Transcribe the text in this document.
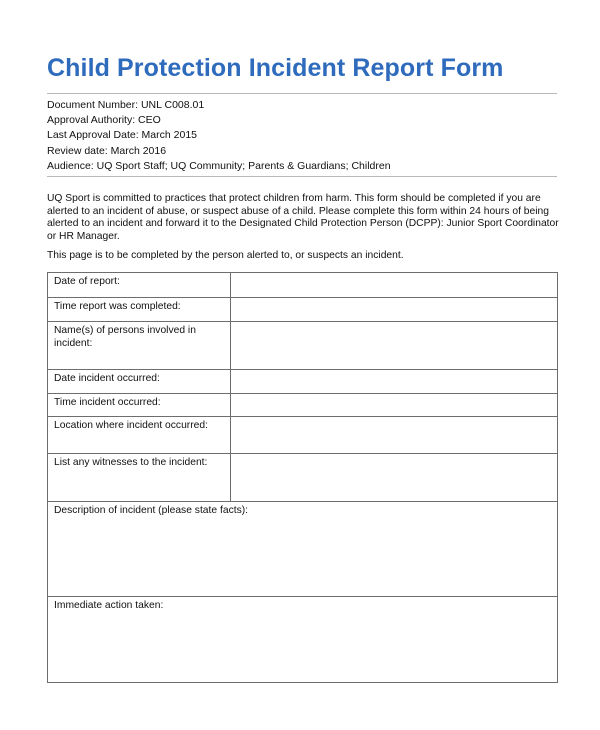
Child Protection Incident Report Form
Document Number: UNL C008.01
Approval Authority: CEO
Last Approval Date: March 2015
Review date: March 2016
Audience: UQ Sport Staff; UQ Community; Parents & Guardians; Children
UQ Sport is committed to practices that protect children from harm. This form should be completed if you are alerted to an incident of abuse, or suspect abuse of a child. Please complete this form within 24 hours of being alerted to an incident and forward it to the Designated Child Protection Person (DCPP): Junior Sport Coordinator or HR Manager.
This page is to be completed by the person alerted to, or suspects an incident.
Date of report:	
Time report was completed:	
Name(s) of persons involved in incident:	
Date incident occurred:	
Time incident occurred:	
Location where incident occurred:	
List any witnesses to the incident:	
Description of incident (please state facts):	
Immediate action taken:	
